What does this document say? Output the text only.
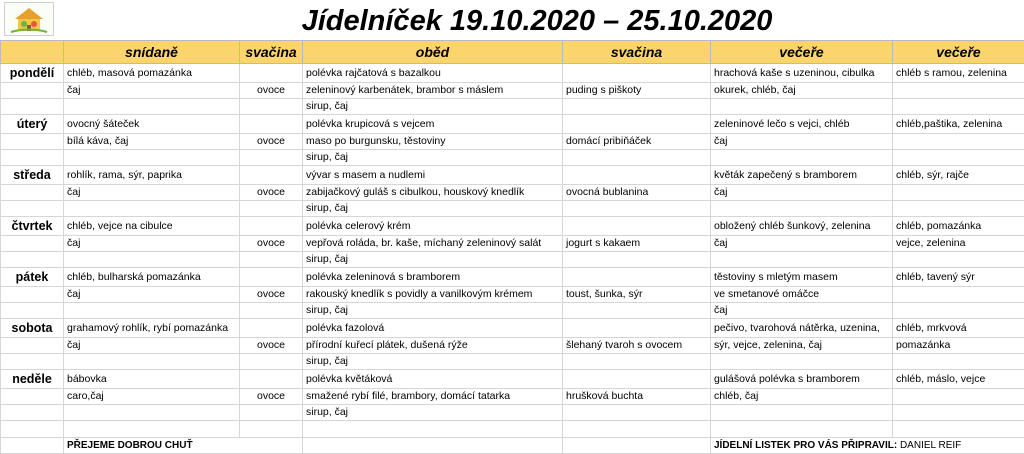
Jídelníček 19.10.2020 – 25.10.2020
	snídaně	svačina	oběd	svačina	večeře	večeře
pondělí	chléb, masová pomazánka		polévka rajčatová s bazalkou		hrachová kaše s uzeninou, cibulka	chléb s ramou, zelenina
	čaj	ovoce	zeleninový karbenátek, brambor s máslem	puding s piškoty	okurek, chléb, čaj	
			sirup, čaj			
úterý	ovocný šáteček		polévka krupicová s vejcem		zeleninové lečo s vejci, chléb	chléb,paštika, zelenina
	bílá káva, čaj	ovoce	maso po burgunsku, těstoviny	domácí pribiňáček	čaj	
			sirup, čaj			
středa	rohlík, rama, sýr, paprika		vývar s masem a nudlemi		květák zapečený s bramborem	chléb, sýr, rajče
	čaj	ovoce	zabijačkový guláš s cibulkou, houskový knedlík	ovocná bublanina	čaj	
			sirup, čaj			
čtvrtek	chléb, vejce na cibulce		polévka celerový krém		obložený chléb šunkový, zelenina	chléb, pomazánka
	čaj	ovoce	vepřová roláda, br. kaše, míchaný zeleninový salát	jogurt s kakaem	čaj	vejce, zelenina
			sirup, čaj			
pátek	chléb, bulharská pomazánka		polévka zeleninová s bramborem		těstoviny s mletým masem	chléb, tavený sýr
	čaj	ovoce	rakouský knedlík s povidly a vanilkovým krémem	toust, šunka, sýr	ve smetanové omáčce	
			sirup, čaj		čaj	
sobota	grahamový rohlík, rybí pomazánka		polévka fazolová		pečivo, tvarohová nátěrka, uzenina,	chléb, mrkvová
	čaj	ovoce	přírodní kuřecí plátek, dušená rýže	šlehaný tvaroh s ovocem	sýr, vejce, zelenina, čaj	pomazánka
			sirup, čaj			
neděle	bábovka		polévka květáková		gulášová polévka s bramborem	chléb, máslo, vejce
	caro,čaj	ovoce	smažené rybí filé, brambory, domácí tatarka	hrušková buchta	chléb, čaj	
			sirup, čaj			

	PŘEJEME DOBROU CHUŤ				JÍDELNÍ LISTEK PRO VÁS PŘIPRAVIL: DANIEL REIF	
